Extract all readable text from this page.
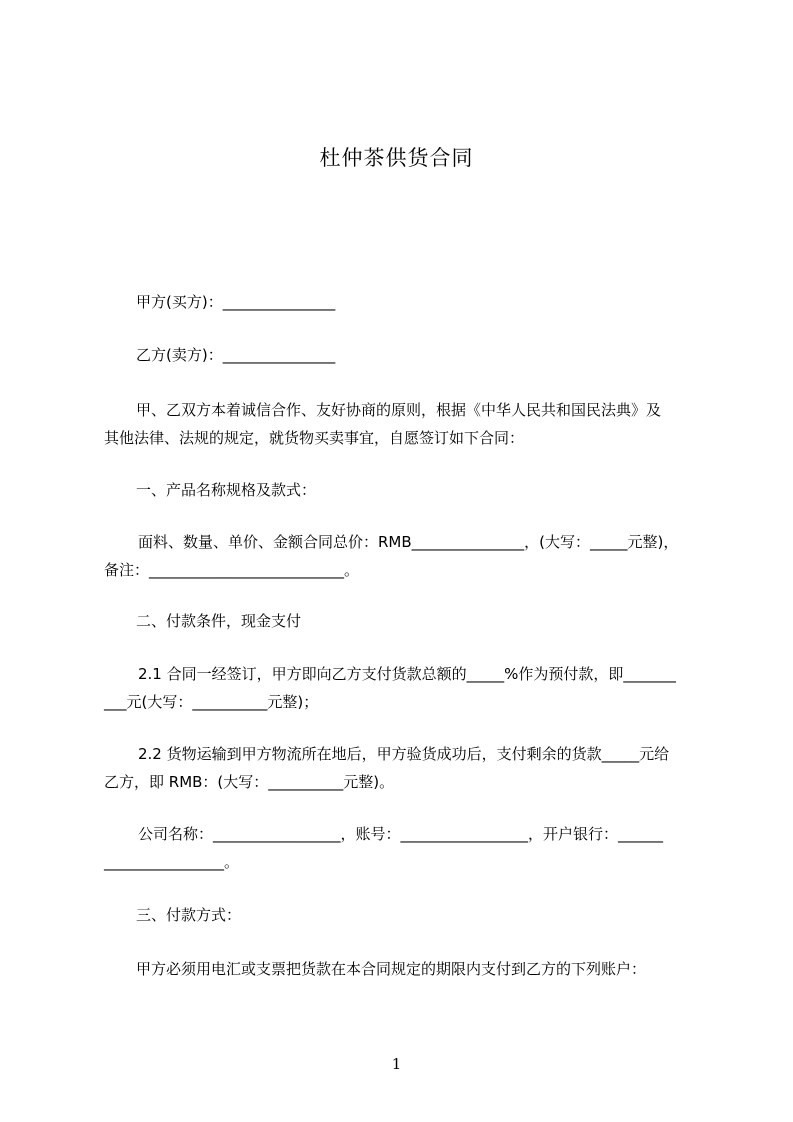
杜仲茶供货合同
甲方(买方)：_______________
乙方(卖方)：_______________
甲、乙双方本着诚信合作、友好协商的原则，根据《中华人民共和国民法典》及
其他法律、法规的规定，就货物买卖事宜，自愿签订如下合同：
一、产品名称规格及款式：
面料、数量、单价、金额合同总价：RMB_______________，(大写：_____元整)，
备注：__________________________。
二、付款条件，现金支付
2.1 合同一经签订，甲方即向乙方支付货款总额的_____%作为预付款，即_______
___元(大写：__________元整)；
2.2 货物运输到甲方物流所在地后，甲方验货成功后，支付剩余的货款_____元给
乙方，即 RMB：(大写：__________元整)。
公司名称：_________________，账号：_________________，开户银行：______
________________。
三、付款方式：
甲方必须用电汇或支票把货款在本合同规定的期限内支付到乙方的下列账户：
1
